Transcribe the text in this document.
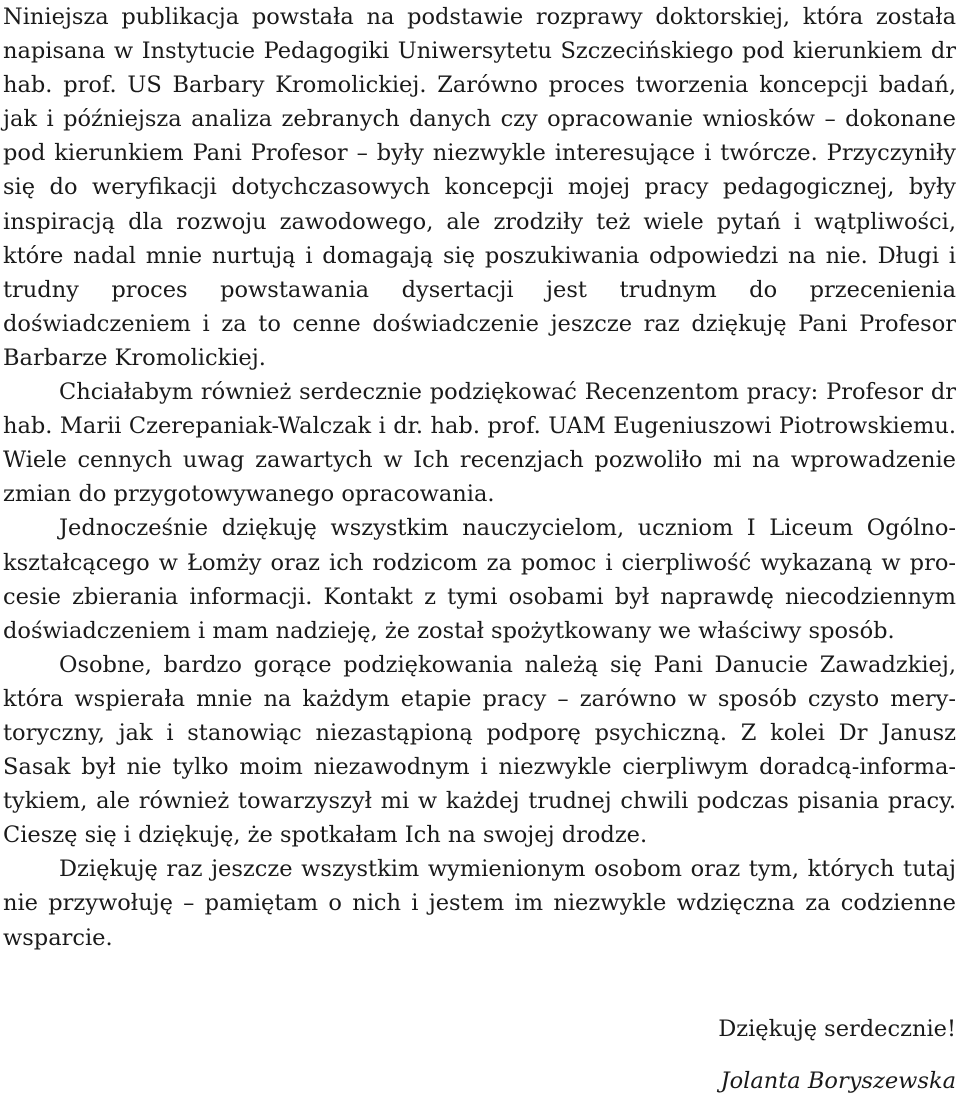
Niniejsza publikacja powstała na podstawie rozprawy doktorskiej, która została napisana w Instytucie Pedagogiki Uniwersytetu Szczecińskiego pod kierunkiem dr hab. prof. US Barbary Kromolickiej. Zarówno proces tworzenia koncepcji badań, jak i późniejsza analiza zebranych danych czy opracowanie wniosków – dokonane pod kierunkiem Pani Profesor – były niezwykle interesujące i twórcze. Przyczyniły się do weryfikacji dotychczasowych koncepcji mojej pracy pedagogicznej, były inspiracją dla rozwoju zawodowego, ale zrodziły też wiele pytań i wątpliwości, które nadal mnie nurtują i domagają się poszukiwania odpowiedzi na nie. Długi i trudny proces powstawania dysertacji jest trudnym do przecenienia doświadczeniem i za to cenne doświadczenie jeszcze raz dziękuję Pani Profesor Barbarze Kromolickiej.

Chciałabym również serdecznie podziękować Recenzentom pracy: Profesor dr hab. Marii Czerepaniak-Walczak i dr. hab. prof. UAM Eugeniuszowi Piotrowskiemu. Wiele cennych uwag zawartych w Ich recenzjach pozwoliło mi na wprowadzenie zmian do przygotowywanego opracowania.

Jednocześnie dziękuję wszystkim nauczycielom, uczniom I Liceum Ogólnokształcącego w Łomży oraz ich rodzicom za pomoc i cierpliwość wykazaną w procesie zbierania informacji. Kontakt z tymi osobami był naprawdę niecodziennym doświadczeniem i mam nadzieję, że został spożytkowany we właściwy sposób.

Osobne, bardzo gorące podziękowania należą się Pani Danucie Zawadzkiej, która wspierała mnie na każdym etapie pracy – zarówno w sposób czysto merytoryczny, jak i stanowiąc niezastąpioną podporę psychiczną. Z kolei Dr Janusz Sasak był nie tylko moim niezawodnym i niezwykle cierpliwym doradcą-informatykiem, ale również towarzyszył mi w każdej trudnej chwili podczas pisania pracy. Cieszę się i dziękuję, że spotkałam Ich na swojej drodze.

Dziękuję raz jeszcze wszystkim wymienionym osobom oraz tym, których tutaj nie przywołuję – pamiętam o nich i jestem im niezwykle wdzięczna za codzienne wsparcie.

Dziękuję serdecznie!

Jolanta Boryszewska
